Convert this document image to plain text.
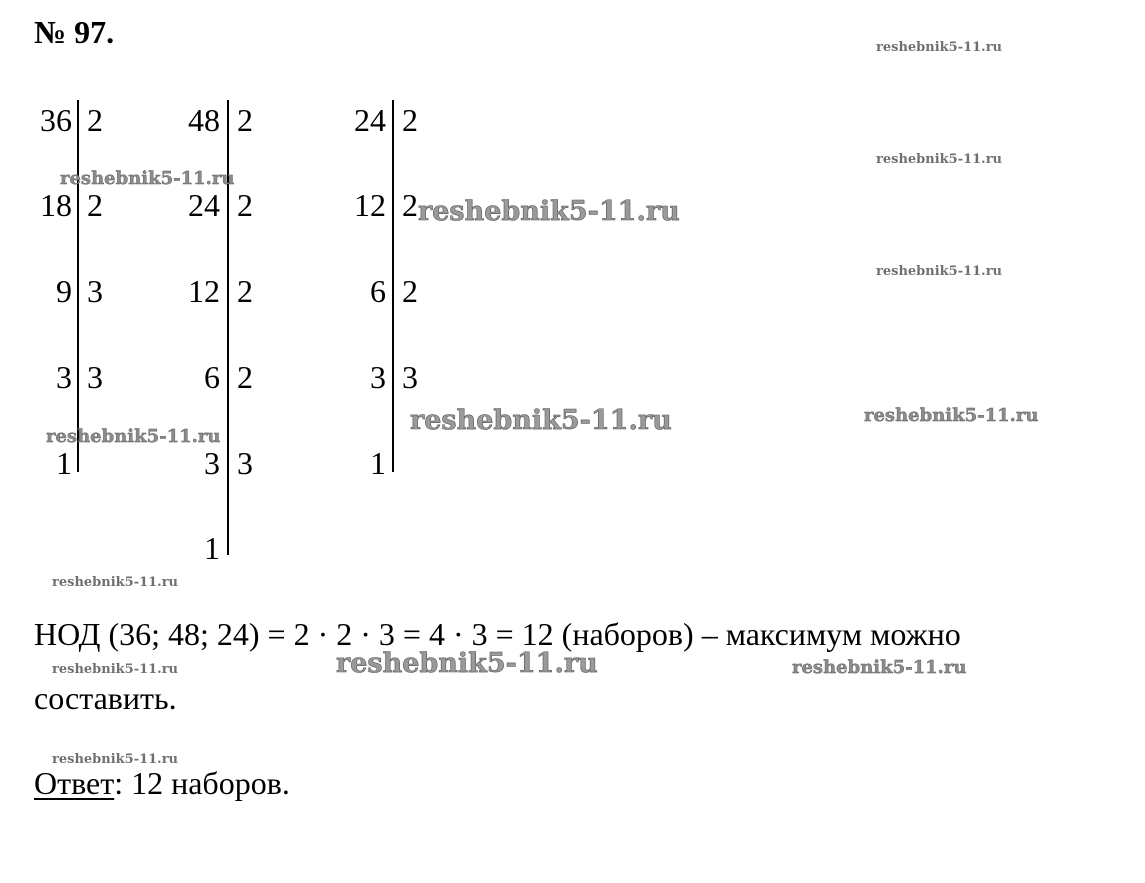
№ 97.
36 2
18 2
9 3
3 3
1
48 2
24 2
12 2
6 2
3 3
1
24 2
12 2
6 2
3 3
1
НОД (36; 48; 24) = 2 · 2 · 3 = 4 · 3 = 12 (наборов) – максимум можно
составить.
Ответ: 12 наборов.
reshebnik5-11.ru
reshebnik5-11.ru
reshebnik5-11.ru
reshebnik5-11.ru
reshebnik5-11.ru
reshebnik5-11.ru	reshebnik5-11.ru
reshebnik5-11.ru
reshebnik5-11.ru
reshebnik5-11.ru	reshebnik5-11.ru	reshebnik5-11.ru
reshebnik5-11.ru
